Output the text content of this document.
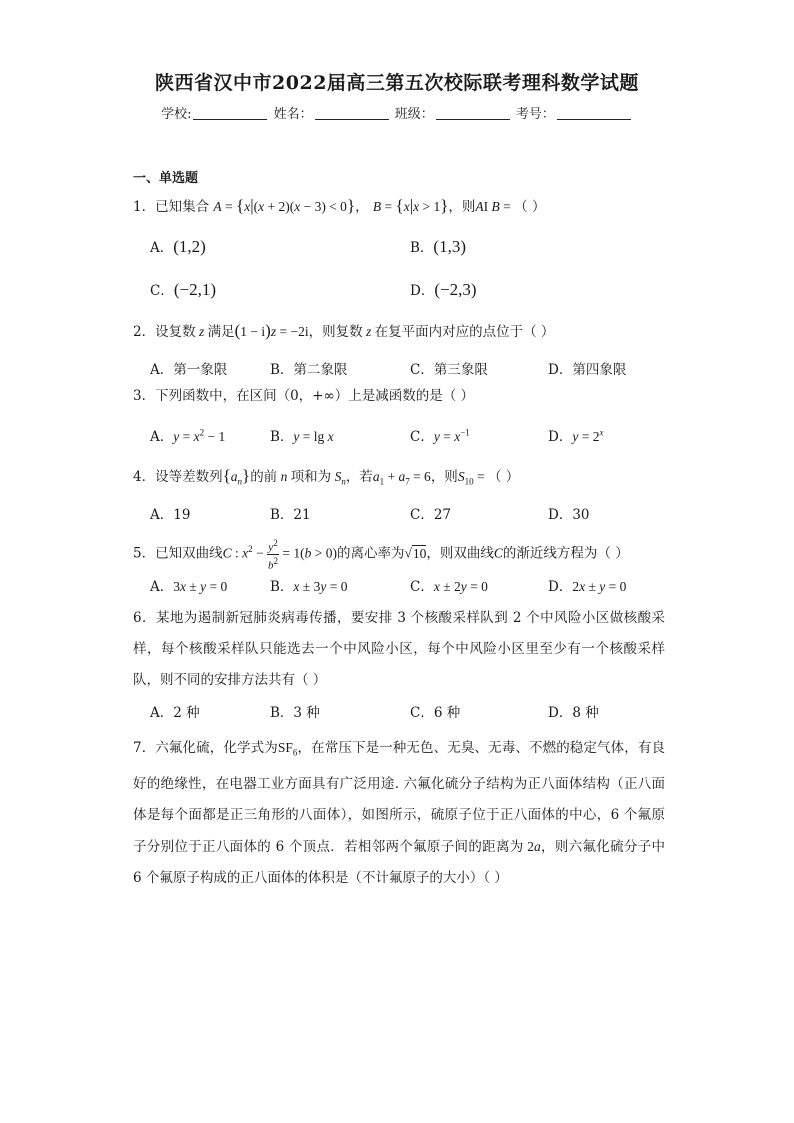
陕西省汉中市2022届高三第五次校际联考理科数学试题
学校:	姓名：	班级：	考号：
一、单选题
1．已知集合 A = {x|(x + 2)(x − 3) < 0}， B = {x|x > 1}，则AI B = （ ）
A．(1,2)	B．(1,3)
C．(−2,1)	D．(−2,3)
2．设复数 z 满足(1 − i)z = −2i，则复数 z 在复平面内对应的点位于（ ）
A．第一象限	B．第二象限	C．第三象限	D．第四象限
3．下列函数中，在区间（0，+∞）上是减函数的是（ ）
A．$y = x^2 - 1$	B．y = lg x	C．$y = x^{-1}$	D．$y = 2^x$
4．设等差数列$\{a_n\}$的前 n 项和为 $S_n$，若$a_1 + a_7 = 6$，则$S_{10}$ = （ ）
A．19	B．21	C．27	D．30
5．已知双曲线C : $x^2 - \frac{y^2}{b^2} = 1(b > 0)$的离心率为√10，则双曲线C的渐近线方程为（ ）
A．3x ± y = 0	B．x ± 3y = 0	C．x ± 2y = 0	D．2x ± y = 0
6．某地为遏制新冠肺炎病毒传播，要安排 3 个核酸采样队到 2 个中风险小区做核酸采样，每个核酸采样队只能选去一个中风险小区，每个中风险小区里至少有一个核酸采样队，则不同的安排方法共有（ ）
A．2 种	B．3 种	C．6 种	D．8 种
7．六氟化硫，化学式为$SF_6$，在常压下是一种无色、无臭、无毒、不燃的稳定气体，有良好的绝缘性，在电器工业方面具有广泛用途. 六氟化硫分子结构为正八面体结构（正八面体是每个面都是正三角形的八面体），如图所示，硫原子位于正八面体的中心，6 个氟原子分别位于正八面体的 6 个顶点．若相邻两个氟原子间的距离为 2a，则六氟化硫分子中 6 个氟原子构成的正八面体的体积是（不计氟原子的大小）（ ）
